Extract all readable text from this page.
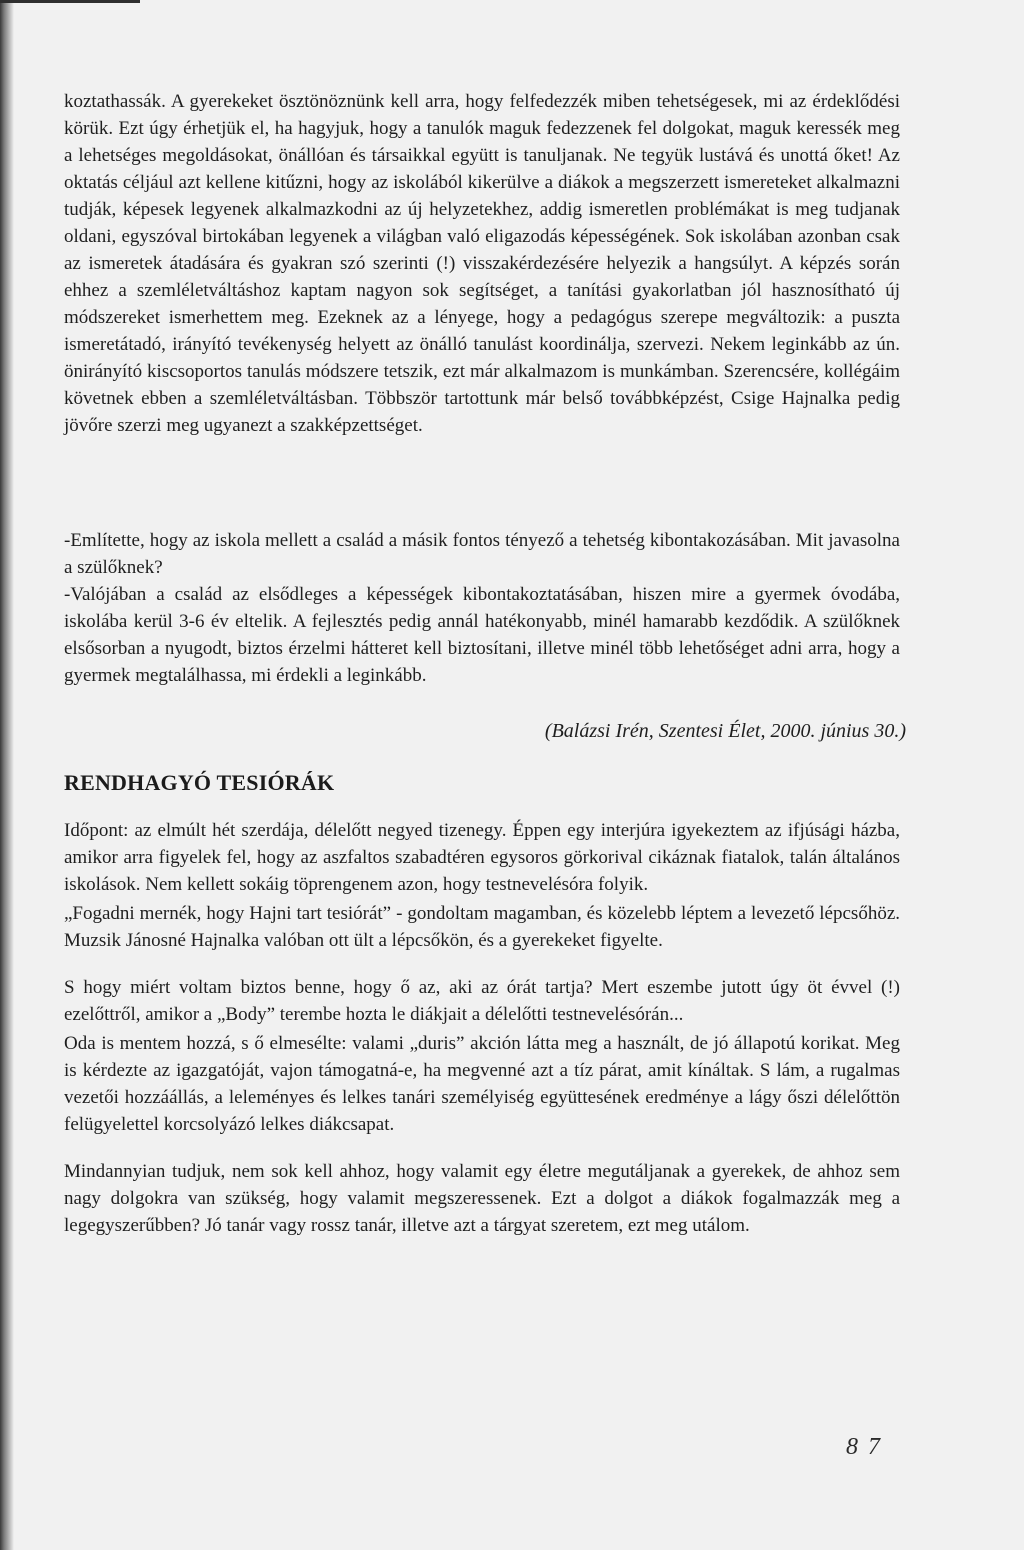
koztathassák. A gyerekeket ösztönöznünk kell arra, hogy felfedezzék miben tehetségesek, mi az érdeklődési körük. Ezt úgy érhetjük el, ha hagyjuk, hogy a tanulók maguk fedezzenek fel dolgokat, maguk keressék meg a lehetséges megoldásokat, önállóan és társaikkal együtt is tanuljanak. Ne tegyük lustává és unottá őket! Az oktatás céljául azt kellene kitűzni, hogy az iskolából kikerülve a diákok a megszerzett ismereteket alkalmazni tudják, képesek legyenek alkalmazkodni az új helyzetekhez, addig ismeretlen problémákat is meg tudjanak oldani, egyszóval birtokában legyenek a világban való eligazodás képességének. Sok iskolában azonban csak az ismeretek átadására és gyakran szó szerinti (!) visszakérdezésére helyezik a hangsúlyt. A képzés során ehhez a szemléletváltáshoz kaptam nagyon sok segítséget, a tanítási gyakorlatban jól hasznosítható új módszereket ismerhettem meg. Ezeknek az a lényege, hogy a pedagógus szerepe megváltozik: a puszta ismeretátadó, irányító tevékenység helyett az önálló tanulást koordinálja, szervezi. Nekem leginkább az ún. önirányító kiscsoportos tanulás módszere tetszik, ezt már alkalmazom is munkámban. Szerencsére, kollégáim követnek ebben a szemléletváltásban. Többször tartottunk már belső továbbképzést, Csige Hajnalka pedig jövőre szerzi meg ugyanezt a szakképzettséget.

-Említette, hogy az iskola mellett a család a másik fontos tényező a tehetség kibontakozásában. Mit javasolna a szülőknek?

-Valójában a család az elsődleges a képességek kibontakoztatásában, hiszen mire a gyermek óvodába, iskolába kerül 3-6 év eltelik. A fejlesztés pedig annál hatékonyabb, minél hamarabb kezdődik. A szülőknek elsősorban a nyugodt, biztos érzelmi hátteret kell biztosítani, illetve minél több lehetőséget adni arra, hogy a gyermek megtalálhassa, mi érdekli a leginkább.

(Balázsi Irén, Szentesi Élet, 2000. június 30.)
RENDHAGYÓ TESIÓRÁK

Időpont: az elmúlt hét szerdája, délelőtt negyed tizenegy. Éppen egy interjúra igyekeztem az ifjúsági házba, amikor arra figyelek fel, hogy az aszfaltos szabadtéren egysoros görkorival cikáznak fiatalok, talán általános iskolások. Nem kellett sokáig töprengenem azon, hogy testnevelésóra folyik.

„Fogadni mernék, hogy Hajni tart tesiórát” - gondoltam magamban, és közelebb léptem a levezető lépcsőhöz. Muzsik Jánosné Hajnalka valóban ott ült a lépcsőkön, és a gyerekeket figyelte.

S hogy miért voltam biztos benne, hogy ő az, aki az órát tartja? Mert eszembe jutott úgy öt évvel (!) ezelőttről, amikor a „Body” terembe hozta le diákjait a délelőtti testnevelésórán...

Oda is mentem hozzá, s ő elmesélte: valami „duris” akción látta meg a használt, de jó állapotú korikat. Meg is kérdezte az igazgatóját, vajon támogatná-e, ha megvenné azt a tíz párat, amit kínáltak. S lám, a rugalmas vezetői hozzáállás, a leleményes és lelkes tanári személyiség együttesének eredménye a lágy őszi délelőttön felügyelettel korcsolyázó lelkes diákcsapat.

Mindannyian tudjuk, nem sok kell ahhoz, hogy valamit egy életre megutáljanak a gyerekek, de ahhoz sem nagy dolgokra van szükség, hogy valamit megszeressenek. Ezt a dolgot a diákok fogalmazzák meg a legegyszerűbben? Jó tanár vagy rossz tanár, illetve azt a tárgyat szeretem, ezt meg utálom.

8 7
